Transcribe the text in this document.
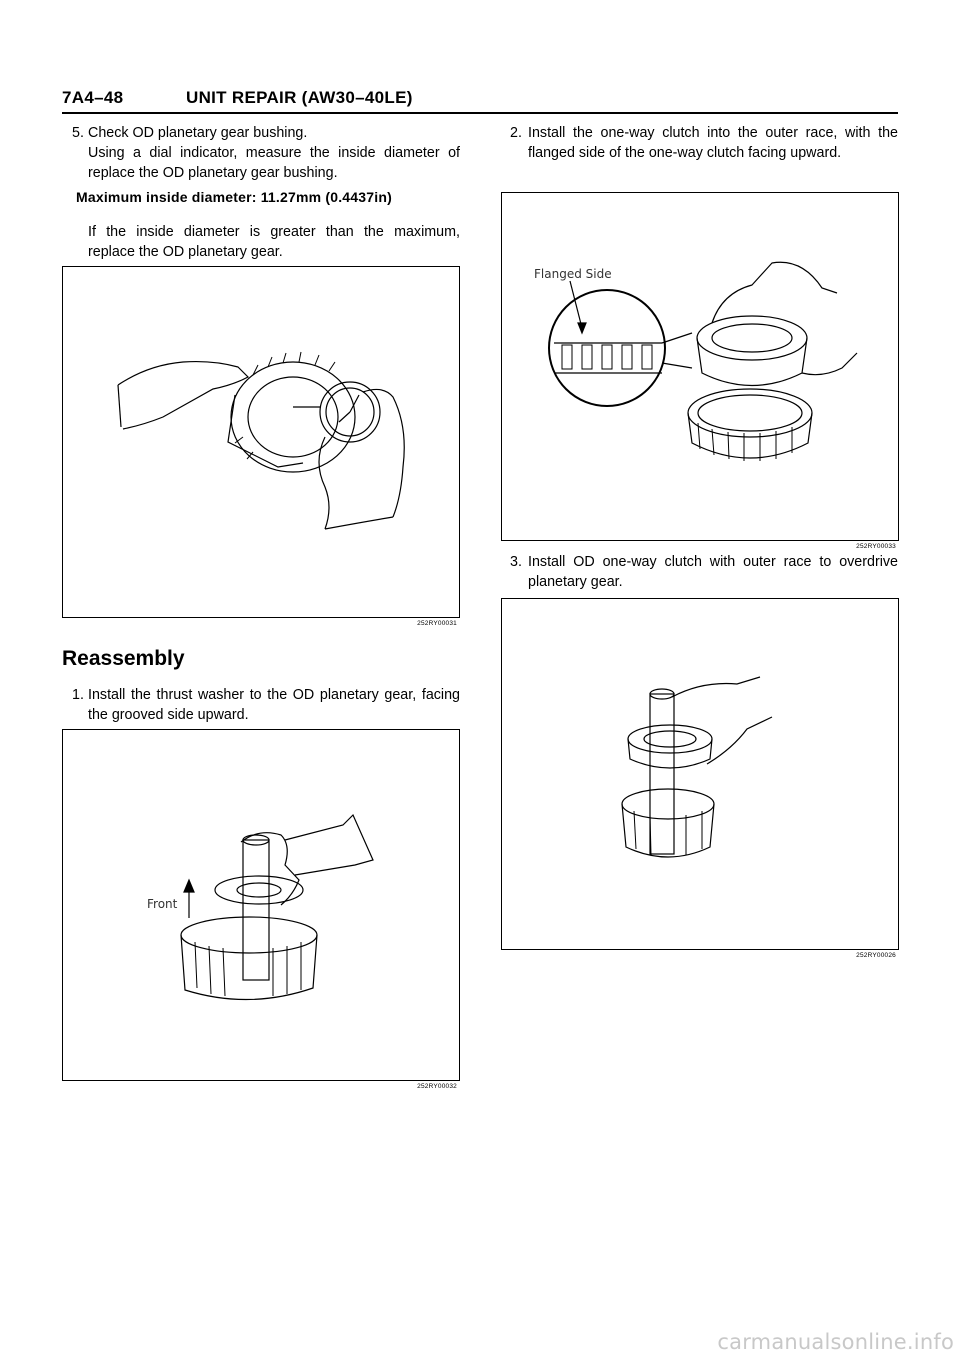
7A4–48	UNIT REPAIR (AW30–40LE)
5. Check OD planetary gear bushing.
Using a dial indicator, measure the inside diameter of replace the OD planetary gear bushing.
Maximum inside diameter: 11.27mm (0.4437in)
If the inside diameter is greater than the maximum, replace the OD planetary gear.
252RY00031
Reassembly
1. Install the thrust washer to the OD planetary gear, facing the grooved side upward.
Front
252RY00032
2. Install the one-way clutch into the outer race, with the flanged side of the one-way clutch facing upward.
Flanged Side
252RY00033
3. Install OD one-way clutch with outer race to overdrive planetary gear.
252RY00026
carmanualsonline.info
